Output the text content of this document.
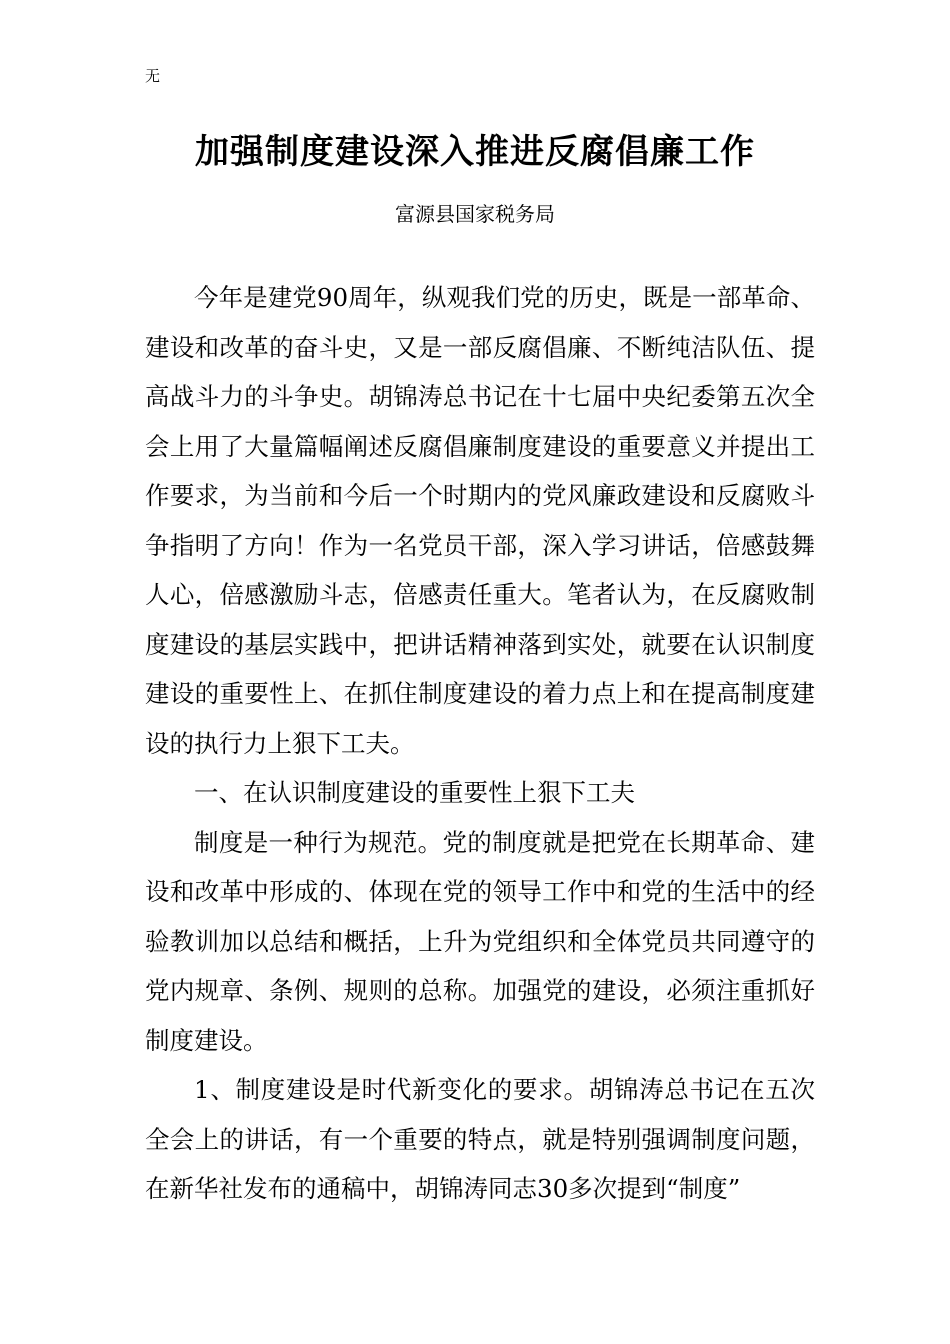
无
加强制度建设深入推进反腐倡廉工作
富源县国家税务局

今年是建党90周年，纵观我们党的历史，既是一部革命、建设和改革的奋斗史，又是一部反腐倡廉、不断纯洁队伍、提高战斗力的斗争史。胡锦涛总书记在十七届中央纪委第五次全会上用了大量篇幅阐述反腐倡廉制度建设的重要意义并提出工作要求，为当前和今后一个时期内的党风廉政建设和反腐败斗争指明了方向！作为一名党员干部，深入学习讲话，倍感鼓舞人心，倍感激励斗志，倍感责任重大。笔者认为，在反腐败制度建设的基层实践中，把讲话精神落到实处，就要在认识制度建设的重要性上、在抓住制度建设的着力点上和在提高制度建设的执行力上狠下工夫。

一、在认识制度建设的重要性上狠下工夫

制度是一种行为规范。党的制度就是把党在长期革命、建设和改革中形成的、体现在党的领导工作中和党的生活中的经验教训加以总结和概括，上升为党组织和全体党员共同遵守的党内规章、条例、规则的总称。加强党的建设，必须注重抓好制度建设。

1、制度建设是时代新变化的要求。胡锦涛总书记在五次全会上的讲话，有一个重要的特点，就是特别强调制度问题，在新华社发布的通稿中，胡锦涛同志30多次提到“制度”
